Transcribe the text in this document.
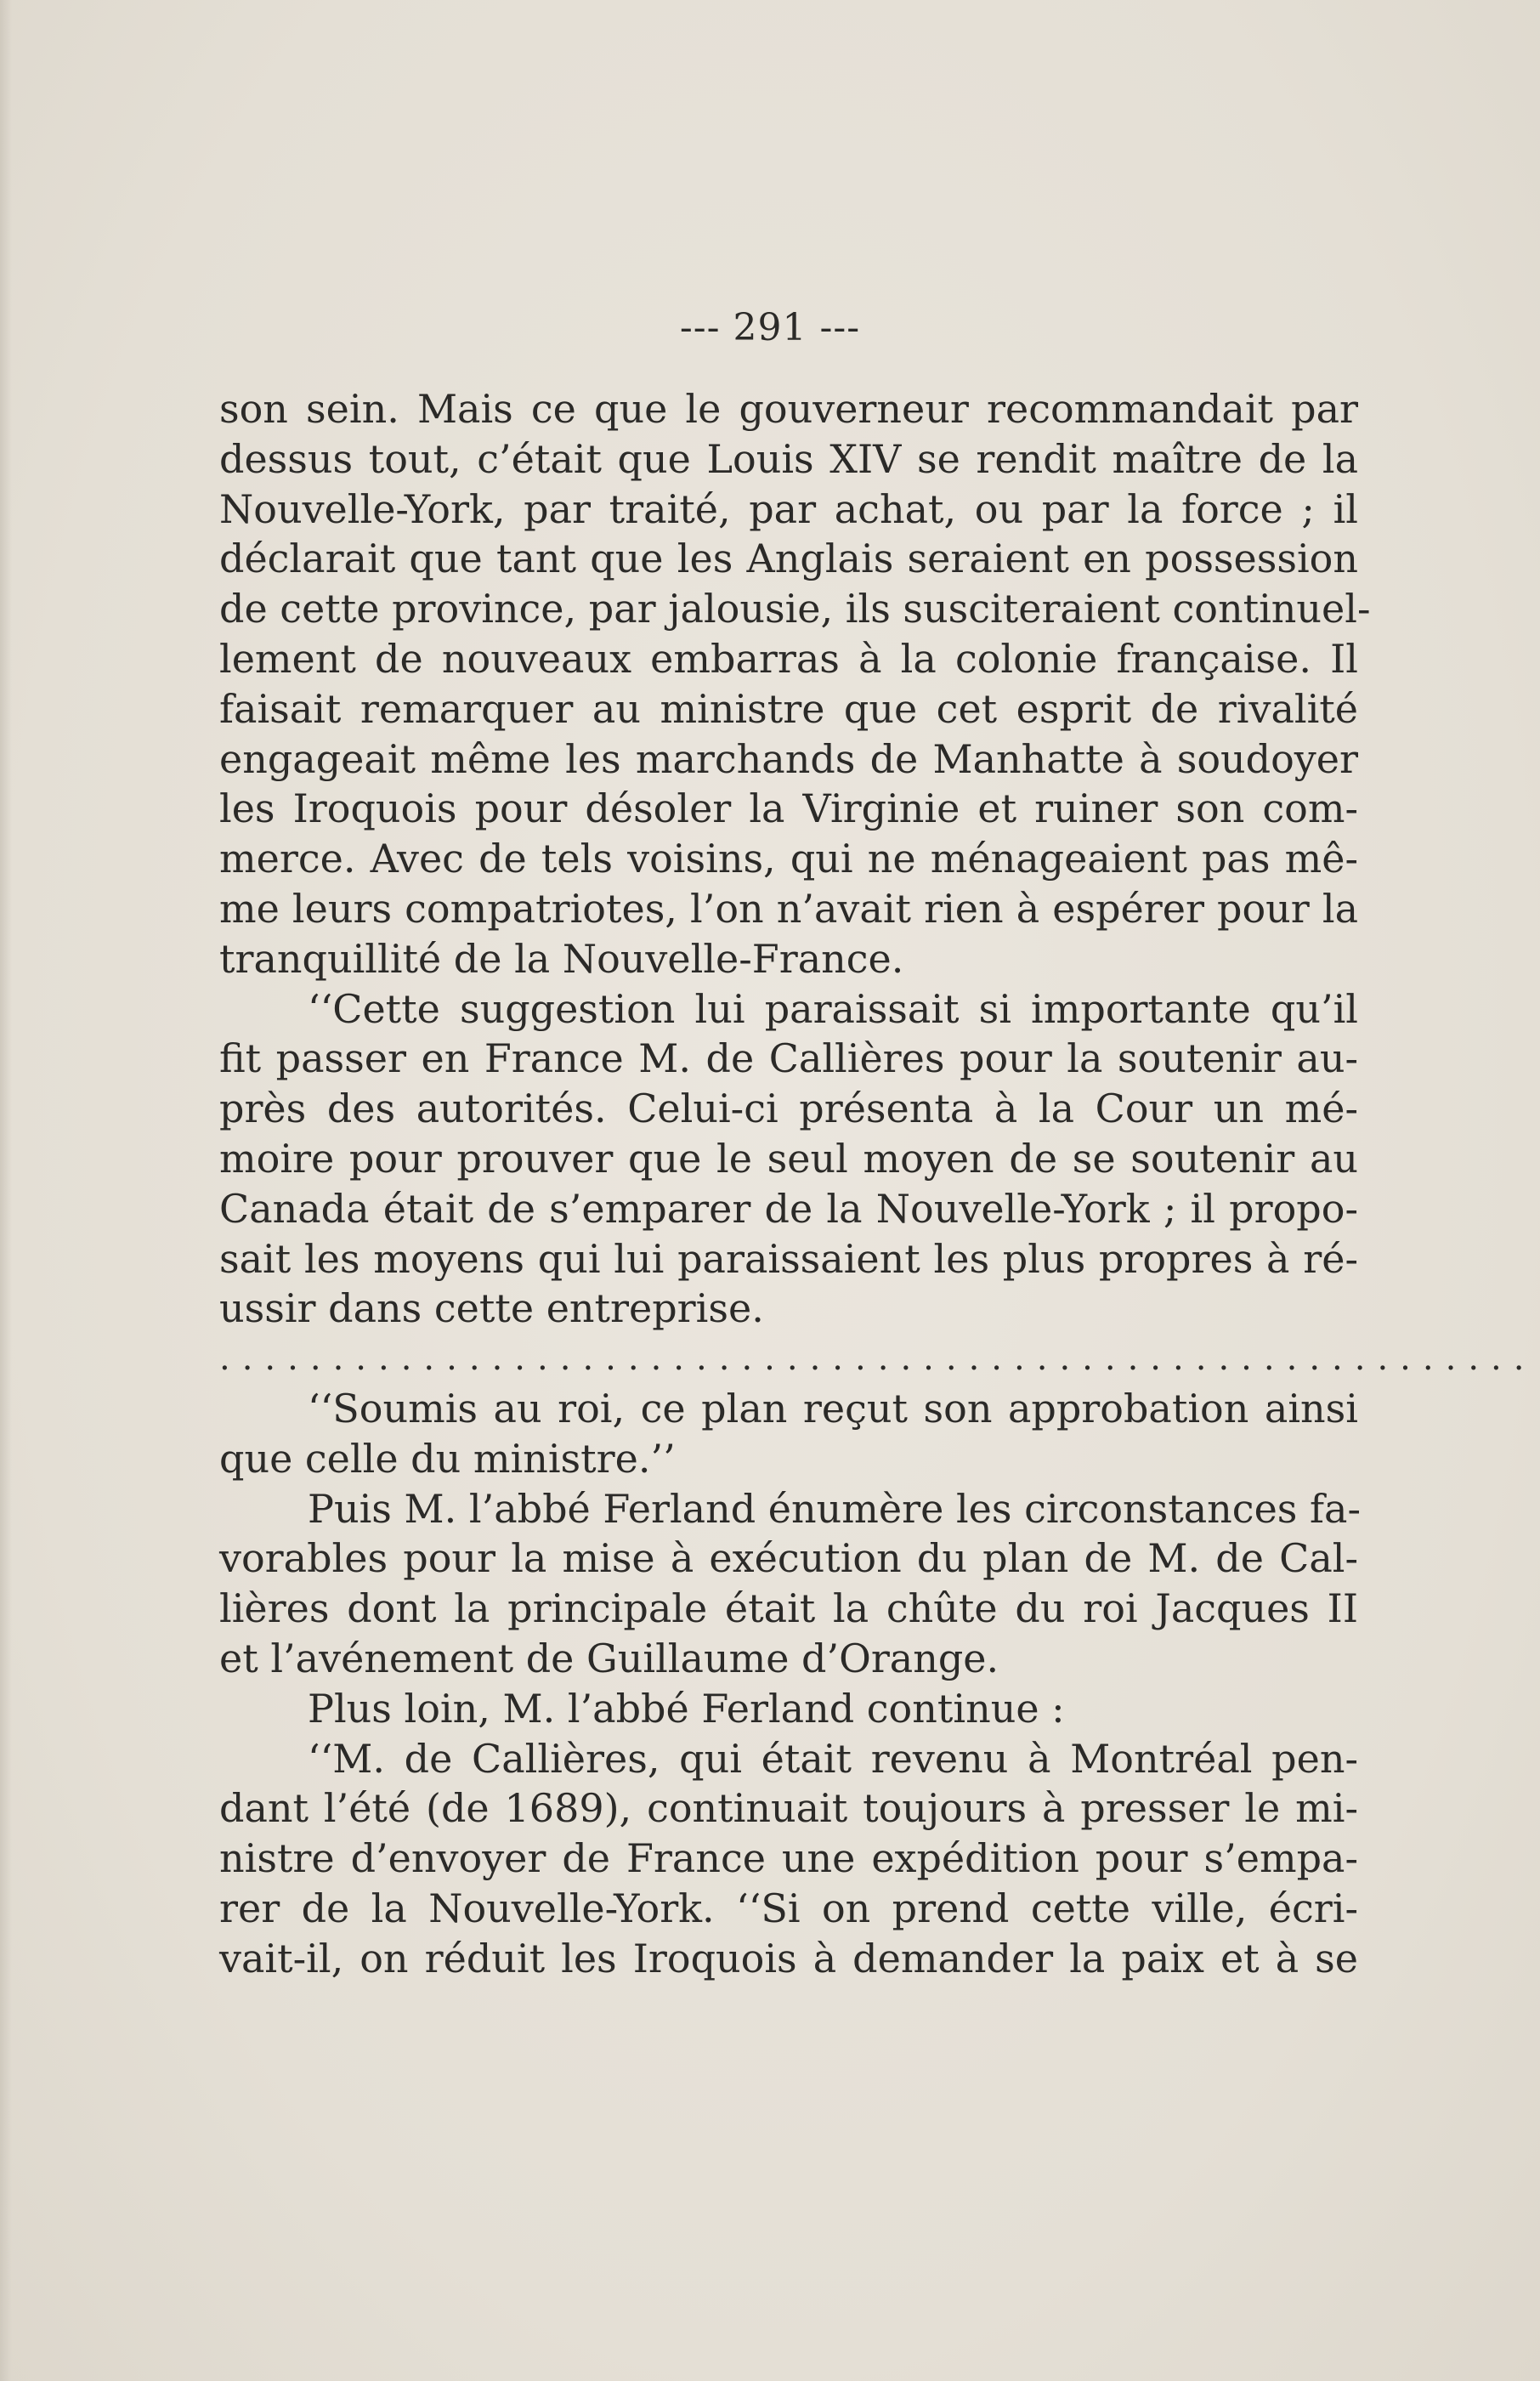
--- 291 ---
son sein. Mais ce que le gouverneur recommandait par
dessus tout, c’était que Louis XIV se rendit maître de la
Nouvelle-York, par traité, par achat, ou par la force ; il
déclarait que tant que les Anglais seraient en possession
de cette province, par jalousie, ils susciteraient continuel-
lement de nouveaux embarras à la colonie française. Il
faisait remarquer au ministre que cet esprit de rivalité
engageait même les marchands de Manhatte à soudoyer
les Iroquois pour désoler la Virginie et ruiner son com-
merce. Avec de tels voisins, qui ne ménageaient pas mê-
me leurs compatriotes, l’on n’avait rien à espérer pour la
tranquillité de la Nouvelle-France.
‘‘Cette suggestion lui paraissait si importante qu’il
fit passer en France M. de Callières pour la soutenir au-
près des autorités. Celui-ci présenta à la Cour un mé-
moire pour prouver que le seul moyen de se soutenir au
Canada était de s’emparer de la Nouvelle-York ; il propo-
sait les moyens qui lui paraissaient les plus propres à ré-
ussir dans cette entreprise.
..........................................................
‘‘Soumis au roi, ce plan reçut son approbation ainsi
que celle du ministre.’’
Puis M. l’abbé Ferland énumère les circonstances fa-
vorables pour la mise à exécution du plan de M. de Cal-
lières dont la principale était la chûte du roi Jacques II
et l’avénement de Guillaume d’Orange.
Plus loin, M. l’abbé Ferland continue :
‘‘M. de Callières, qui était revenu à Montréal pen-
dant l’été (de 1689), continuait toujours à presser le mi-
nistre d’envoyer de France une expédition pour s’empa-
rer de la Nouvelle-York. ‘‘Si on prend cette ville, écri-
vait-il, on réduit les Iroquois à demander la paix et à se
